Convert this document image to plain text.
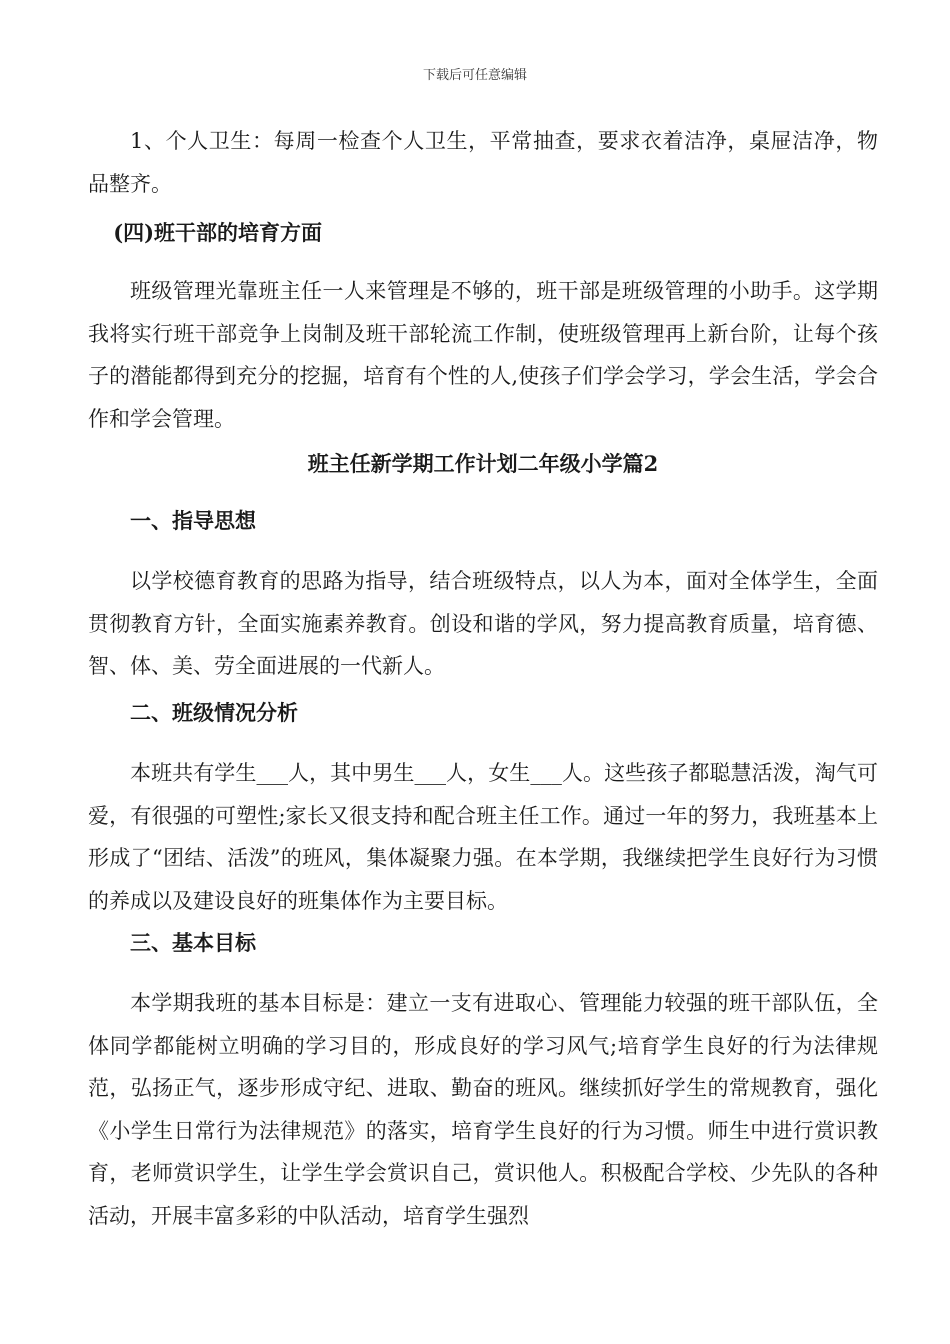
下载后可任意编辑

1、个人卫生：每周一检查个人卫生，平常抽查，要求衣着洁净，桌屉洁净，物品整齐。

(四)班干部的培育方面

班级管理光靠班主任一人来管理是不够的，班干部是班级管理的小助手。这学期我将实行班干部竞争上岗制及班干部轮流工作制，使班级管理再上新台阶，让每个孩子的潜能都得到充分的挖掘，培育有个性的人,使孩子们学会学习，学会生活，学会合作和学会管理。

班主任新学期工作计划二年级小学篇2

一、指导思想

以学校德育教育的思路为指导，结合班级特点，以人为本，面对全体学生，全面贯彻教育方针，全面实施素养教育。创设和谐的学风，努力提高教育质量，培育德、智、体、美、劳全面进展的一代新人。

二、班级情况分析

本班共有学生___人，其中男生___人，女生___人。这些孩子都聪慧活泼，淘气可爱，有很强的可塑性;家长又很支持和配合班主任工作。通过一年的努力，我班基本上形成了“团结、活泼”的班风，集体凝聚力强。在本学期，我继续把学生良好行为习惯的养成以及建设良好的班集体作为主要目标。

三、基本目标

本学期我班的基本目标是：建立一支有进取心、管理能力较强的班干部队伍，全体同学都能树立明确的学习目的，形成良好的学习风气;培育学生良好的行为法律规范，弘扬正气，逐步形成守纪、进取、勤奋的班风。继续抓好学生的常规教育，强化《小学生日常行为法律规范》的落实，培育学生良好的行为习惯。师生中进行赏识教育，老师赏识学生，让学生学会赏识自己，赏识他人。积极配合学校、少先队的各种活动，开展丰富多彩的中队活动，培育学生强烈
